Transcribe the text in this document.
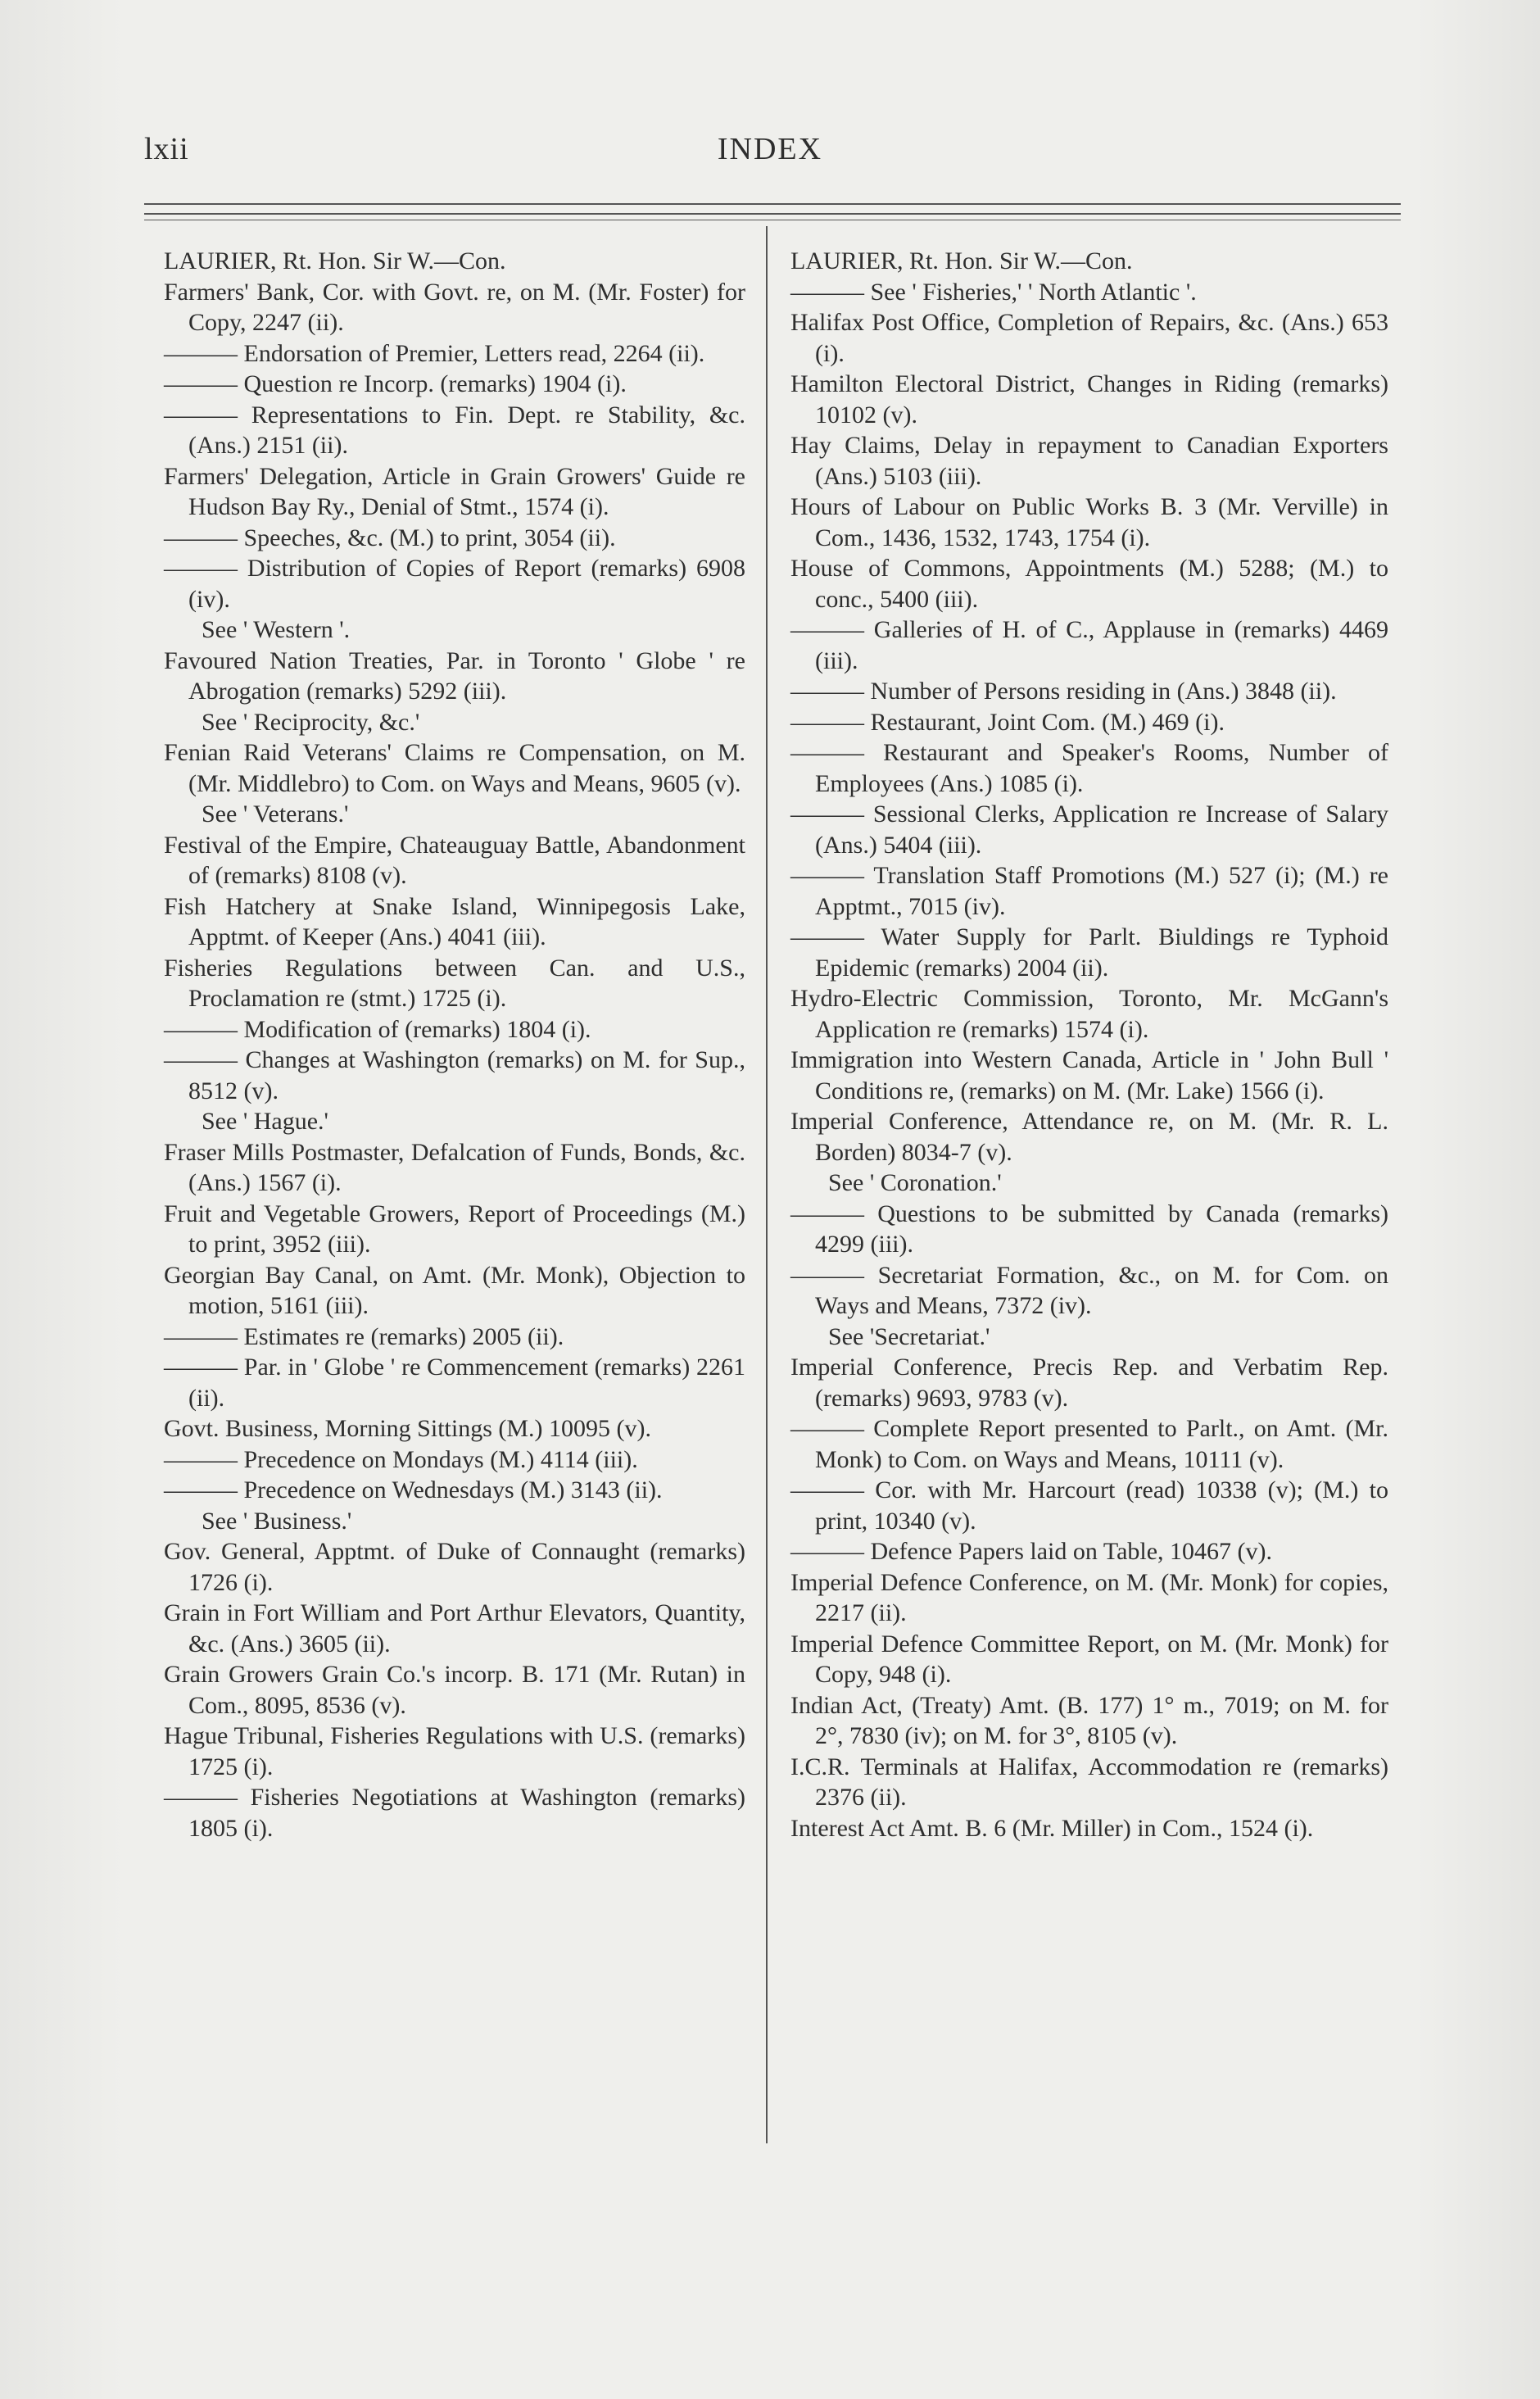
lxii	INDEX
LAURIER, Rt. Hon. Sir W.—Con.
Farmers' Bank, Cor. with Govt. re, on M. (Mr. Foster) for Copy, 2247 (ii).
——— Endorsation of Premier, Letters read, 2264 (ii).
——— Question re Incorp. (remarks) 1904 (i).
——— Representations to Fin. Dept. re Stability, &c. (Ans.) 2151 (ii).
Farmers' Delegation, Article in Grain Growers' Guide re Hudson Bay Ry., Denial of Stmt., 1574 (i).
——— Speeches, &c. (M.) to print, 3054 (ii).
——— Distribution of Copies of Report (remarks) 6908 (iv).
See ' Western '.
Favoured Nation Treaties, Par. in Toronto ' Globe ' re Abrogation (remarks) 5292 (iii).
See ' Reciprocity, &c.'
Fenian Raid Veterans' Claims re Compensation, on M. (Mr. Middlebro) to Com. on Ways and Means, 9605 (v).
See ' Veterans.'
Festival of the Empire, Chateauguay Battle, Abandonment of (remarks) 8108 (v).
Fish Hatchery at Snake Island, Winnipegosis Lake, Apptmt. of Keeper (Ans.) 4041 (iii).
Fisheries Regulations between Can. and U.S., Proclamation re (stmt.) 1725 (i).
——— Modification of (remarks) 1804 (i).
——— Changes at Washington (remarks) on M. for Sup., 8512 (v).
See ' Hague.'
Fraser Mills Postmaster, Defalcation of Funds, Bonds, &c. (Ans.) 1567 (i).
Fruit and Vegetable Growers, Report of Proceedings (M.) to print, 3952 (iii).
Georgian Bay Canal, on Amt. (Mr. Monk), Objection to motion, 5161 (iii).
——— Estimates re (remarks) 2005 (ii).
——— Par. in ' Globe ' re Commencement (remarks) 2261 (ii).
Govt. Business, Morning Sittings (M.) 10095 (v).
——— Precedence on Mondays (M.) 4114 (iii).
——— Precedence on Wednesdays (M.) 3143 (ii).
See ' Business.'
Gov. General, Apptmt. of Duke of Connaught (remarks) 1726 (i).
Grain in Fort William and Port Arthur Elevators, Quantity, &c. (Ans.) 3605 (ii).
Grain Growers Grain Co.'s incorp. B. 171 (Mr. Rutan) in Com., 8095, 8536 (v).
Hague Tribunal, Fisheries Regulations with U.S. (remarks) 1725 (i).
——— Fisheries Negotiations at Washington (remarks) 1805 (i).
LAURIER, Rt. Hon. Sir W.—Con.
——— See ' Fisheries,' ' North Atlantic '.
Halifax Post Office, Completion of Repairs, &c. (Ans.) 653 (i).
Hamilton Electoral District, Changes in Riding (remarks) 10102 (v).
Hay Claims, Delay in repayment to Canadian Exporters (Ans.) 5103 (iii).
Hours of Labour on Public Works B. 3 (Mr. Verville) in Com., 1436, 1532, 1743, 1754 (i).
House of Commons, Appointments (M.) 5288; (M.) to conc., 5400 (iii).
——— Galleries of H. of C., Applause in (remarks) 4469 (iii).
——— Number of Persons residing in (Ans.) 3848 (ii).
——— Restaurant, Joint Com. (M.) 469 (i).
——— Restaurant and Speaker's Rooms, Number of Employees (Ans.) 1085 (i).
——— Sessional Clerks, Application re Increase of Salary (Ans.) 5404 (iii).
——— Translation Staff Promotions (M.) 527 (i); (M.) re Apptmt., 7015 (iv).
——— Water Supply for Parlt. Biuldings re Typhoid Epidemic (remarks) 2004 (ii).
Hydro-Electric Commission, Toronto, Mr. McGann's Application re (remarks) 1574 (i).
Immigration into Western Canada, Article in ' John Bull ' Conditions re, (remarks) on M. (Mr. Lake) 1566 (i).
Imperial Conference, Attendance re, on M. (Mr. R. L. Borden) 8034-7 (v).
See ' Coronation.'
——— Questions to be submitted by Canada (remarks) 4299 (iii).
——— Secretariat Formation, &c., on M. for Com. on Ways and Means, 7372 (iv).
See 'Secretariat.'
Imperial Conference, Precis Rep. and Verbatim Rep. (remarks) 9693, 9783 (v).
——— Complete Report presented to Parlt., on Amt. (Mr. Monk) to Com. on Ways and Means, 10111 (v).
——— Cor. with Mr. Harcourt (read) 10338 (v); (M.) to print, 10340 (v).
——— Defence Papers laid on Table, 10467 (v).
Imperial Defence Conference, on M. (Mr. Monk) for copies, 2217 (ii).
Imperial Defence Committee Report, on M. (Mr. Monk) for Copy, 948 (i).
Indian Act, (Treaty) Amt. (B. 177) 1° m., 7019; on M. for 2°, 7830 (iv); on M. for 3°, 8105 (v).
I.C.R. Terminals at Halifax, Accommodation re (remarks) 2376 (ii).
Interest Act Amt. B. 6 (Mr. Miller) in Com., 1524 (i).
